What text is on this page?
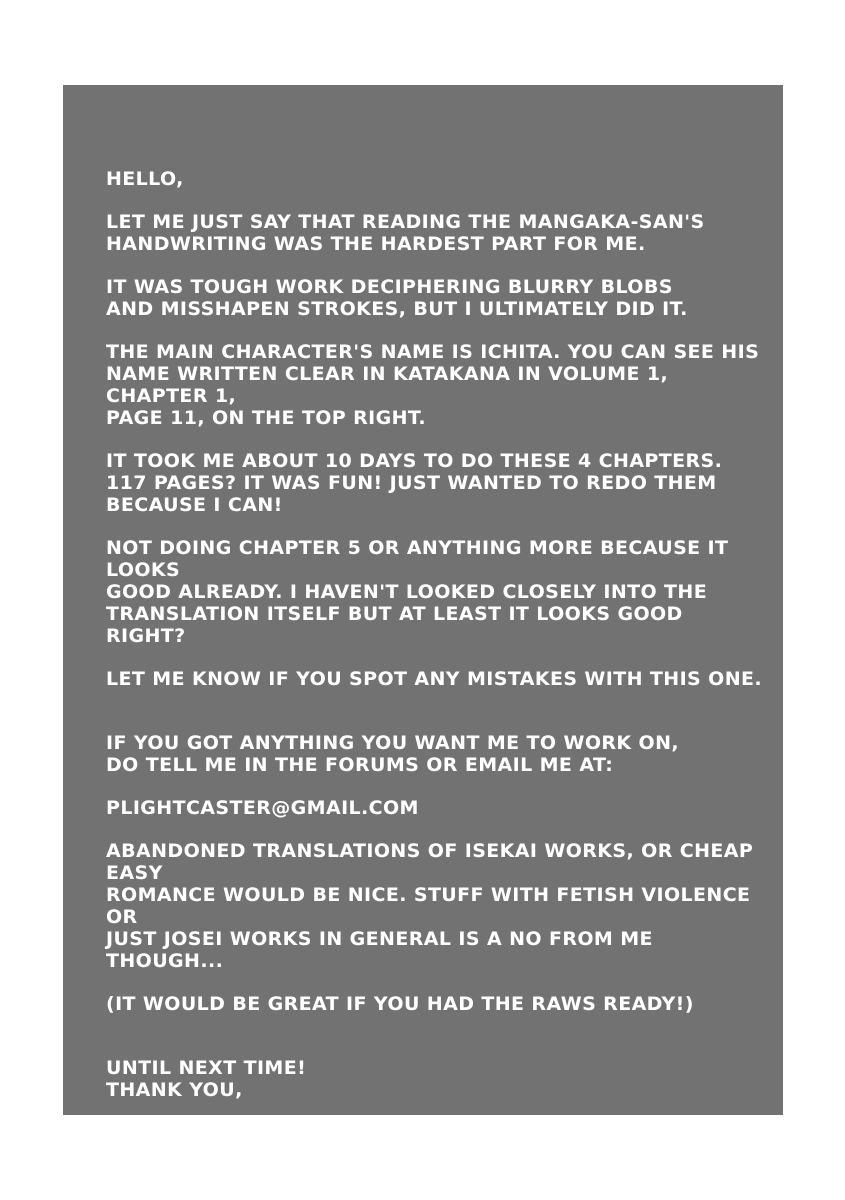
HELLO,

LET ME JUST SAY THAT READING THE MANGAKA-SAN'S
HANDWRITING WAS THE HARDEST PART FOR ME.

IT WAS TOUGH WORK DECIPHERING BLURRY BLOBS
AND MISSHAPEN STROKES, BUT I ULTIMATELY DID IT.

THE MAIN CHARACTER'S NAME IS ICHITA. YOU CAN SEE HIS
NAME WRITTEN CLEAR IN KATAKANA IN VOLUME 1, CHAPTER 1,
PAGE 11, ON THE TOP RIGHT.

IT TOOK ME ABOUT 10 DAYS TO DO THESE 4 CHAPTERS.
117 PAGES? IT WAS FUN! JUST WANTED TO REDO THEM
BECAUSE I CAN!

NOT DOING CHAPTER 5 OR ANYTHING MORE BECAUSE IT LOOKS
GOOD ALREADY. I HAVEN'T LOOKED CLOSELY INTO THE
TRANSLATION ITSELF BUT AT LEAST IT LOOKS GOOD RIGHT?

LET ME KNOW IF YOU SPOT ANY MISTAKES WITH THIS ONE.

IF YOU GOT ANYTHING YOU WANT ME TO WORK ON,
DO TELL ME IN THE FORUMS OR EMAIL ME AT:

PLIGHTCASTER@GMAIL.COM

ABANDONED TRANSLATIONS OF ISEKAI WORKS, OR CHEAP EASY
ROMANCE WOULD BE NICE. STUFF WITH FETISH VIOLENCE OR
JUST JOSEI WORKS IN GENERAL IS A NO FROM ME THOUGH...

(IT WOULD BE GREAT IF YOU HAD THE RAWS READY!)

UNTIL NEXT TIME!
THANK YOU,

PLIGHTCASTER
